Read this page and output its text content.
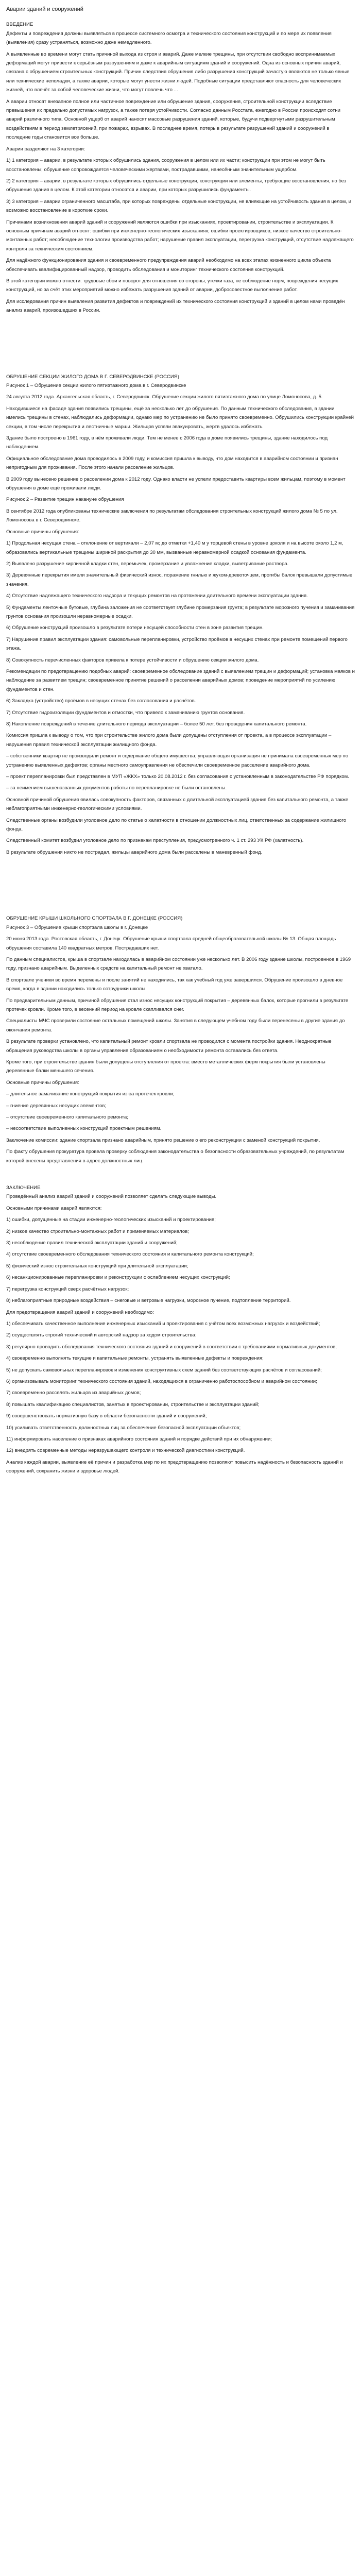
Аварии зданий и сооружений
ВВЕДЕНИЕ
Дефекты и повреждения должны выявляться в процессе системного осмотра и технического состояния конструкций и по мере их появления (выявления) сразу устраняться, возможно даже немедленного.
А выявленные во времени могут стать причиной выхода из строя и аварий. Даже мелкие трещины, при отсутствии свободно воспринимаемых деформаций могут привести к серьёзным разрушениям и даже к аварийным ситуациям зданий и сооружений. Одна из основных причин аварий, связана с обрушением строительных конструкций. Причин следствия обрушения либо разрушения конструкций зачастую являются не только явные или технические неполадки, а также аварии, которые могут унести жизни людей. Подобные ситуации представляют опасность для человеческих жизней, что влечёт за собой человеческие жизни, что могут повлечь что ...
А аварии относят внезапное полное или частичное повреждение или обрушение здания, сооружения, строительной конструкции вследствие превышения их предельно допустимых нагрузок, а также потеря устойчивости. Согласно данным Росстата, ежегодно в России происходят сотни аварий различного типа. Основной ущерб от аварий наносят массовые разрушения зданий, которые, будучи подвергнутыми разрушительным воздействиям в период землетрясений, при пожарах, взрывах. В последнее время, потерь в результате разрушений зданий и сооружений в последние годы становится все больше.
Аварии разделяют на 3 категории:
1) 1 категория ‒ аварии, в результате которых обрушились здания, сооружения в целом или их части; конструкции при этом не могут быть восстановлены; обрушение сопровождается человеческими жертвами, пострадавшими, нанесённым значительным ущербом.
2) 2 категория ‒ аварии, в результате которых обрушились отдельные конструкции, конструкции или элементы, требующие восстановления, но без обрушения здания в целом. К этой категории относятся и аварии, при которых разрушились фундаменты.
3) 3 категория ‒ аварии ограниченного масштаба, при которых повреждены отдельные конструкции, не влияющие на устойчивость здания в целом, и возможно восстановление в короткие сроки.
Причинами возникновения аварий зданий и сооружений являются ошибки при изысканиях, проектировании, строительстве и эксплуатации. К основным причинам аварий относят: ошибки при инженерно-геологических изысканиях; ошибки проектировщиков; низкое качество строительно-монтажных работ; несоблюдение технологии производства работ; нарушение правил эксплуатации, перегрузка конструкций, отсутствие надлежащего контроля за техническим состоянием.
Для надёжного функционирования здания и своевременного предупреждения аварий необходимо на всех этапах жизненного цикла объекта обеспечивать квалифицированный надзор, проводить обследования и мониторинг технического состояния конструкций.
В этой категории можно отнести: трудовые сбои и поворот для отношения со стороны, утечки газа, не соблюдение норм, повреждения несущих конструкций, но за счёт этих мероприятий можно избежать разрушения зданий от аварии, добросовестное выполнение работ.
Для исследования причин выявления развития дефектов и повреждений их технического состояния конструкций и зданий в целом нами проведён анализ аварий, произошедших в России.
ОБРУШЕНИЕ СЕКЦИИ ЖИЛОГО ДОМА В Г. СЕВЕРОДВИНСКЕ (РОССИЯ)
Рисунок 1 ‒ Обрушение секции жилого пятиэтажного дома в г. Северодвинске
24 августа 2012 года. Архангельская область, г. Северодвинск. Обрушение секции жилого пятиэтажного дома по улице Ломоносова, д. 5.
Находившиеся на фасаде здания появились трещины, ещё за несколько лет до обрушения. По данным технического обследования, в здании имелись трещины в стенах, наблюдались деформации, однако мер по устранению не было принято своевременно. Обрушились конструкции крайней секции, в том числе перекрытия и лестничные марши. Жильцов успели эвакуировать, жертв удалось избежать.
Здание было построено в 1961 году, в нём проживали люди. Тем не менее с 2006 года в доме появились трещины, здание находилось под наблюдением.
Официальное обследование дома проводилось в 2009 году, и комиссия пришла к выводу, что дом находится в аварийном состоянии и признан непригодным для проживания. После этого начали расселение жильцов.
В 2009 году вынесено решение о расселении дома к 2012 году. Однако власти не успели предоставить квартиры всем жильцам, поэтому в момент обрушения в доме ещё проживали люди.
Рисунок 2 ‒ Развитие трещин накануне обрушения
В сентябре 2012 года опубликованы технические заключения по результатам обследования строительных конструкций жилого дома № 5 по ул. Ломоносова в г. Северодвинске.
Основные причины обрушения:
1) Продольная несущая стена ‒ отклонение от вертикали ‒ 2,07 м; до отметки +1,40 м у торцевой стены в уровне цоколя и на высоте около 1,2 м, образовались вертикальные трещины шириной раскрытия до 30 мм, вызванные неравномерной осадкой основания фундамента.
2) Выявлено разрушение кирпичной кладки стен, перемычек, промерзание и увлажнение кладки, выветривание раствора.
3) Деревянные перекрытия имели значительный физический износ, поражение гнилью и жуком-древоточцем, прогибы балок превышали допустимые значения.
4) Отсутствие надлежащего технического надзора и текущих ремонтов на протяжении длительного времени эксплуатации здания.
5) Фундаменты ленточные бутовые, глубина заложения не соответствует глубине промерзания грунта; в результате морозного пучения и замачивания грунтов основания произошли неравномерные осадки.
6) Обрушение конструкций произошло в результате потери несущей способности стен в зоне развития трещин.
7) Нарушение правил эксплуатации здания: самовольные перепланировки, устройство проёмов в несущих стенах при ремонте помещений первого этажа.
8) Совокупность перечисленных факторов привела к потере устойчивости и обрушению секции жилого дома.
Рекомендации по предотвращению подобных аварий: своевременное обследование зданий с выявлением трещин и деформаций; установка маяков и наблюдение за развитием трещин; своевременное принятие решений о расселении аварийных домов; проведение мероприятий по усилению фундаментов и стен.
6) Закладка (устройство) проёмов в несущих стенах без согласования и расчётов.
7) Отсутствие гидроизоляции фундаментов и отмостки, что привело к замачиванию грунтов основания.
8) Накопление повреждений в течение длительного периода эксплуатации ‒ более 50 лет, без проведения капитального ремонта.
Комиссия пришла к выводу о том, что при строительстве жилого дома были допущены отступления от проекта, а в процессе эксплуатации ‒ нарушения правил технической эксплуатации жилищного фонда.
‒ собственники квартир не производили ремонт и содержание общего имущества; управляющая организация не принимала своевременных мер по устранению выявленных дефектов; органы местного самоуправления не обеспечили своевременное расселение аварийного дома.
‒ проект перепланировки был представлен в МУП «ЖКХ» только 20.08.2012 г. без согласования с установленным в законодательстве РФ порядком.
‒ за неимением вышеназванных документов работы по перепланировке не были остановлены.
Основной причиной обрушения явилась совокупность факторов, связанных с длительной эксплуатацией здания без капитального ремонта, а также неблагоприятными инженерно-геологическими условиями.
Следственные органы возбудили уголовное дело по статье о халатности в отношении должностных лиц, ответственных за содержание жилищного фонда.
Следственный комитет возбудил уголовное дело по признакам преступления, предусмотренного ч. 1 ст. 293 УК РФ (халатность).
В результате обрушения никто не пострадал, жильцы аварийного дома были расселены в маневренный фонд.
ОБРУШЕНИЕ КРЫШИ ШКОЛЬНОГО СПОРТЗАЛА В Г. ДОНЕЦКЕ (РОССИЯ)
Рисунок 3 ‒ Обрушение крыши спортзала школы в г. Донецке
20 июня 2013 года. Ростовская область, г. Донецк. Обрушение крыши спортзала средней общеобразовательной школы № 13. Общая площадь обрушения составила 140 квадратных метров. Пострадавших нет.
По данным специалистов, крыша в спортзале находилась в аварийном состоянии уже несколько лет. В 2006 году здание школы, построенное в 1969 году, признано аварийным. Выделенных средств на капитальный ремонт не хватало.
В спортзале ученики во время перемены и после занятий не находились, так как учебный год уже завершился. Обрушение произошло в дневное время, когда в здании находились только сотрудники школы.
По предварительным данным, причиной обрушения стал износ несущих конструкций покрытия ‒ деревянных балок, которые прогнили в результате протечек кровли. Кроме того, в весенний период на кровле скапливался снег.
Специалисты МЧС проверили состояние остальных помещений школы. Занятия в следующем учебном году были перенесены в другие здания до окончания ремонта.
В результате проверки установлено, что капитальный ремонт кровли спортзала не проводился с момента постройки здания. Неоднократные обращения руководства школы в органы управления образованием о необходимости ремонта оставались без ответа.
Кроме того, при строительстве здания были допущены отступления от проекта: вместо металлических ферм покрытия были установлены деревянные балки меньшего сечения.
Основные причины обрушения:
‒ длительное замачивание конструкций покрытия из-за протечек кровли;
‒ гниение деревянных несущих элементов;
‒ отсутствие своевременного капитального ремонта;
‒ несоответствие выполненных конструкций проектным решениям.
Заключение комиссии: здание спортзала признано аварийным, принято решение о его реконструкции с заменой конструкций покрытия.
По факту обрушения прокуратура провела проверку соблюдения законодательства о безопасности образовательных учреждений, по результатам которой внесены представления в адрес должностных лиц.
ЗАКЛЮЧЕНИЕ
Проведённый анализ аварий зданий и сооружений позволяет сделать следующие выводы.
Основными причинами аварий являются:
1) ошибки, допущенные на стадии инженерно-геологических изысканий и проектирования;
2) низкое качество строительно-монтажных работ и применяемых материалов;
3) несоблюдение правил технической эксплуатации зданий и сооружений;
4) отсутствие своевременного обследования технического состояния и капитального ремонта конструкций;
5) физический износ строительных конструкций при длительной эксплуатации;
6) несанкционированные перепланировки и реконструкции с ослаблением несущих конструкций;
7) перегрузка конструкций сверх расчётных нагрузок;
8) неблагоприятные природные воздействия ‒ снеговые и ветровые нагрузки, морозное пучение, подтопление территорий.
Для предотвращения аварий зданий и сооружений необходимо:
1) обеспечивать качественное выполнение инженерных изысканий и проектирования с учётом всех возможных нагрузок и воздействий;
2) осуществлять строгий технический и авторский надзор за ходом строительства;
3) регулярно проводить обследования технического состояния зданий и сооружений в соответствии с требованиями нормативных документов;
4) своевременно выполнять текущие и капитальные ремонты, устранять выявленные дефекты и повреждения;
5) не допускать самовольных перепланировок и изменения конструктивных схем зданий без соответствующих расчётов и согласований;
6) организовывать мониторинг технического состояния зданий, находящихся в ограниченно работоспособном и аварийном состоянии;
7) своевременно расселять жильцов из аварийных домов;
8) повышать квалификацию специалистов, занятых в проектировании, строительстве и эксплуатации зданий;
9) совершенствовать нормативную базу в области безопасности зданий и сооружений;
10) усиливать ответственность должностных лиц за обеспечение безопасной эксплуатации объектов;
11) информировать население о признаках аварийного состояния зданий и порядке действий при их обнаружении;
12) внедрять современные методы неразрушающего контроля и технической диагностики конструкций.
Анализ каждой аварии, выявление её причин и разработка мер по их предотвращению позволяют повысить надёжность и безопасность зданий и сооружений, сохранить жизни и здоровье людей.
